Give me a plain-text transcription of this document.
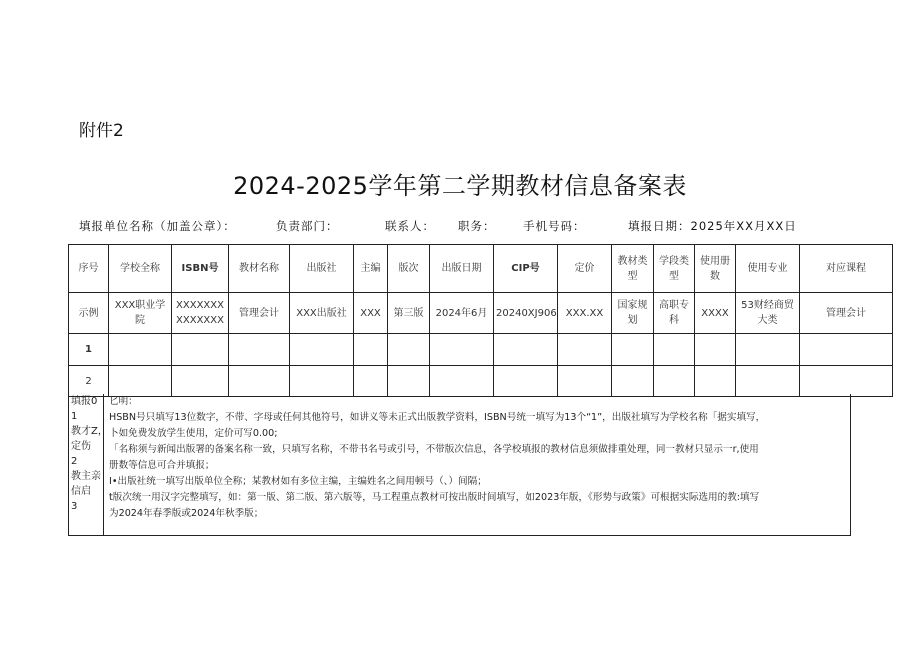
附件2
2024-2025学年第二学期教材信息备案表
填报单位名称（加盖公章）：	负责部门：	联系人： 职务： 手机号码：	填报日期：2025年XX月XX日
序号	学校全称	ISBN号	教材名称	出版社	主编	版次	出版日期	CIP号	定价	教材类型	学段类型	使用册数	使用专业	对应课程
示例	XXX职业学院	XXXXXXXXXXXXXX	管理会计	XXX出版社	XXX	第三版	2024年6月	20240XJ906	XXX.XX	国家规划	高职专科	XXXX	53财经商贸大类	管理会计
1														
2														
填报0
1
教才Z，
定伤
2
教主亲
信启
3

匕明：

HSBN号只填写13位数字，不带、字母或任何其他符号，如讲义等未正式出版教学资料，ISBN号统一填写为13个“1”，出版社填写为学校名称「据实填写，

卜如免费发放学生使用，定价可写0.00;

「名称须与新闻出版署的备案名称一致，只填写名称，不带书名号或引号，不带版次信息，各学校填报的教材信息须做排重处理，同一教材只显示一r,使用

册数等信息可合并填报；

I•出版社统一填写出版单位全称；某教材如有多位主编，主编姓名之间用顿号（、）间隔；

t版次统一用汉字完整填写，如：第一版、第二版、第六版等，马工程重点教材可按出版时间填写，如2023年版，《形势与政策》可根据实际选用的教:填写

为2024年春季版或2024年秋季版；
